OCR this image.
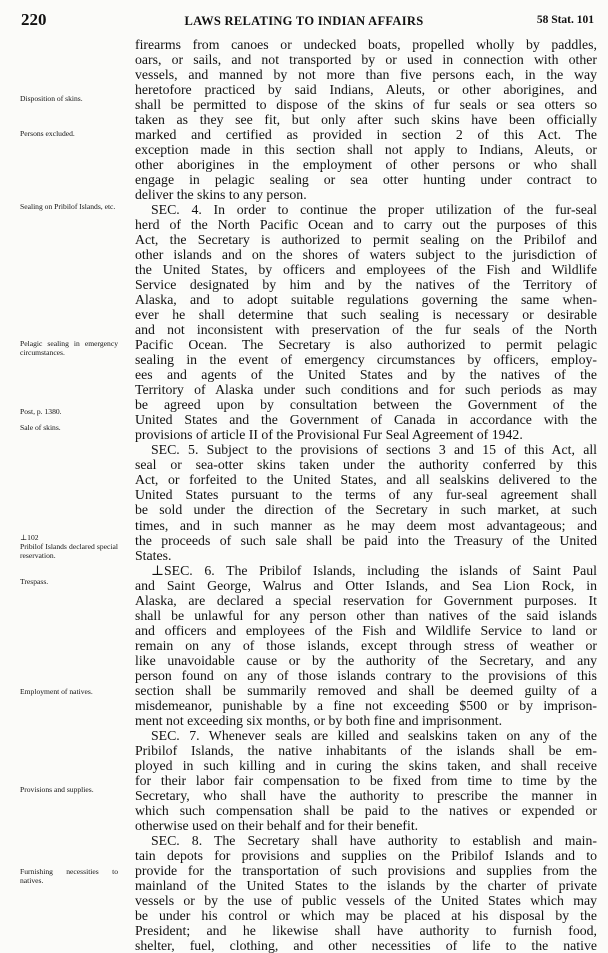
220	LAWS RELATING TO INDIAN AFFAIRS	58 Stat. 101
Disposition of skins.
Persons excluded.
Sealing on Pribilof Islands, etc.
Pelagic sealing in emergency circumstances.
Post, p. 1380.
Sale of skins.
⊥102
Pribilof Islands declared special reservation.
Trespass.
Employment of natives.
Provisions and supplies.
Furnishing necessities to natives.
firearms from canoes or undecked boats, propelled wholly by paddles,
oars, or sails, and not transported by or used in connection with other
vessels, and manned by not more than five persons each, in the way
heretofore practiced by said Indians, Aleuts, or other aborigines, and
shall be permitted to dispose of the skins of fur seals or sea otters so
taken as they see fit, but only after such skins have been officially
marked and certified as provided in section 2 of this Act. The
exception made in this section shall not apply to Indians, Aleuts, or
other aborigines in the employment of other persons or who shall
engage in pelagic sealing or sea otter hunting under contract to
deliver the skins to any person.
SEC. 4. In order to continue the proper utilization of the fur-seal
herd of the North Pacific Ocean and to carry out the purposes of this
Act, the Secretary is authorized to permit sealing on the Pribilof and
other islands and on the shores of waters subject to the jurisdiction of
the United States, by officers and employees of the Fish and Wildlife
Service designated by him and by the natives of the Territory of
Alaska, and to adopt suitable regulations governing the same when-
ever he shall determine that such sealing is necessary or desirable
and not inconsistent with preservation of the fur seals of the North
Pacific Ocean. The Secretary is also authorized to permit pelagic
sealing in the event of emergency circumstances by officers, employ-
ees and agents of the United States and by the natives of the
Territory of Alaska under such conditions and for such periods as may
be agreed upon by consultation between the Government of the
United States and the Government of Canada in accordance with the
provisions of article II of the Provisional Fur Seal Agreement of 1942.
SEC. 5. Subject to the provisions of sections 3 and 15 of this Act, all
seal or sea-otter skins taken under the authority conferred by this
Act, or forfeited to the United States, and all sealskins delivered to the
United States pursuant to the terms of any fur-seal agreement shall
be sold under the direction of the Secretary in such market, at such
times, and in such manner as he may deem most advantageous; and
the proceeds of such sale shall be paid into the Treasury of the United
States.
⊥SEC. 6. The Pribilof Islands, including the islands of Saint Paul
and Saint George, Walrus and Otter Islands, and Sea Lion Rock, in
Alaska, are declared a special reservation for Government purposes. It
shall be unlawful for any person other than natives of the said islands
and officers and employees of the Fish and Wildlife Service to land or
remain on any of those islands, except through stress of weather or
like unavoidable cause or by the authority of the Secretary, and any
person found on any of those islands contrary to the provisions of this
section shall be summarily removed and shall be deemed guilty of a
misdemeanor, punishable by a fine not exceeding $500 or by imprison-
ment not exceeding six months, or by both fine and imprisonment.
SEC. 7. Whenever seals are killed and sealskins taken on any of the
Pribilof Islands, the native inhabitants of the islands shall be em-
ployed in such killing and in curing the skins taken, and shall receive
for their labor fair compensation to be fixed from time to time by the
Secretary, who shall have the authority to prescribe the manner in
which such compensation shall be paid to the natives or expended or
otherwise used on their behalf and for their benefit.
SEC. 8. The Secretary shall have authority to establish and main-
tain depots for provisions and supplies on the Pribilof Islands and to
provide for the transportation of such provisions and supplies from the
mainland of the United States to the islands by the charter of private
vessels or by the use of public vessels of the United States which may
be under his control or which may be placed at his disposal by the
President; and he likewise shall have authority to furnish food,
shelter, fuel, clothing, and other necessities of life to the native
